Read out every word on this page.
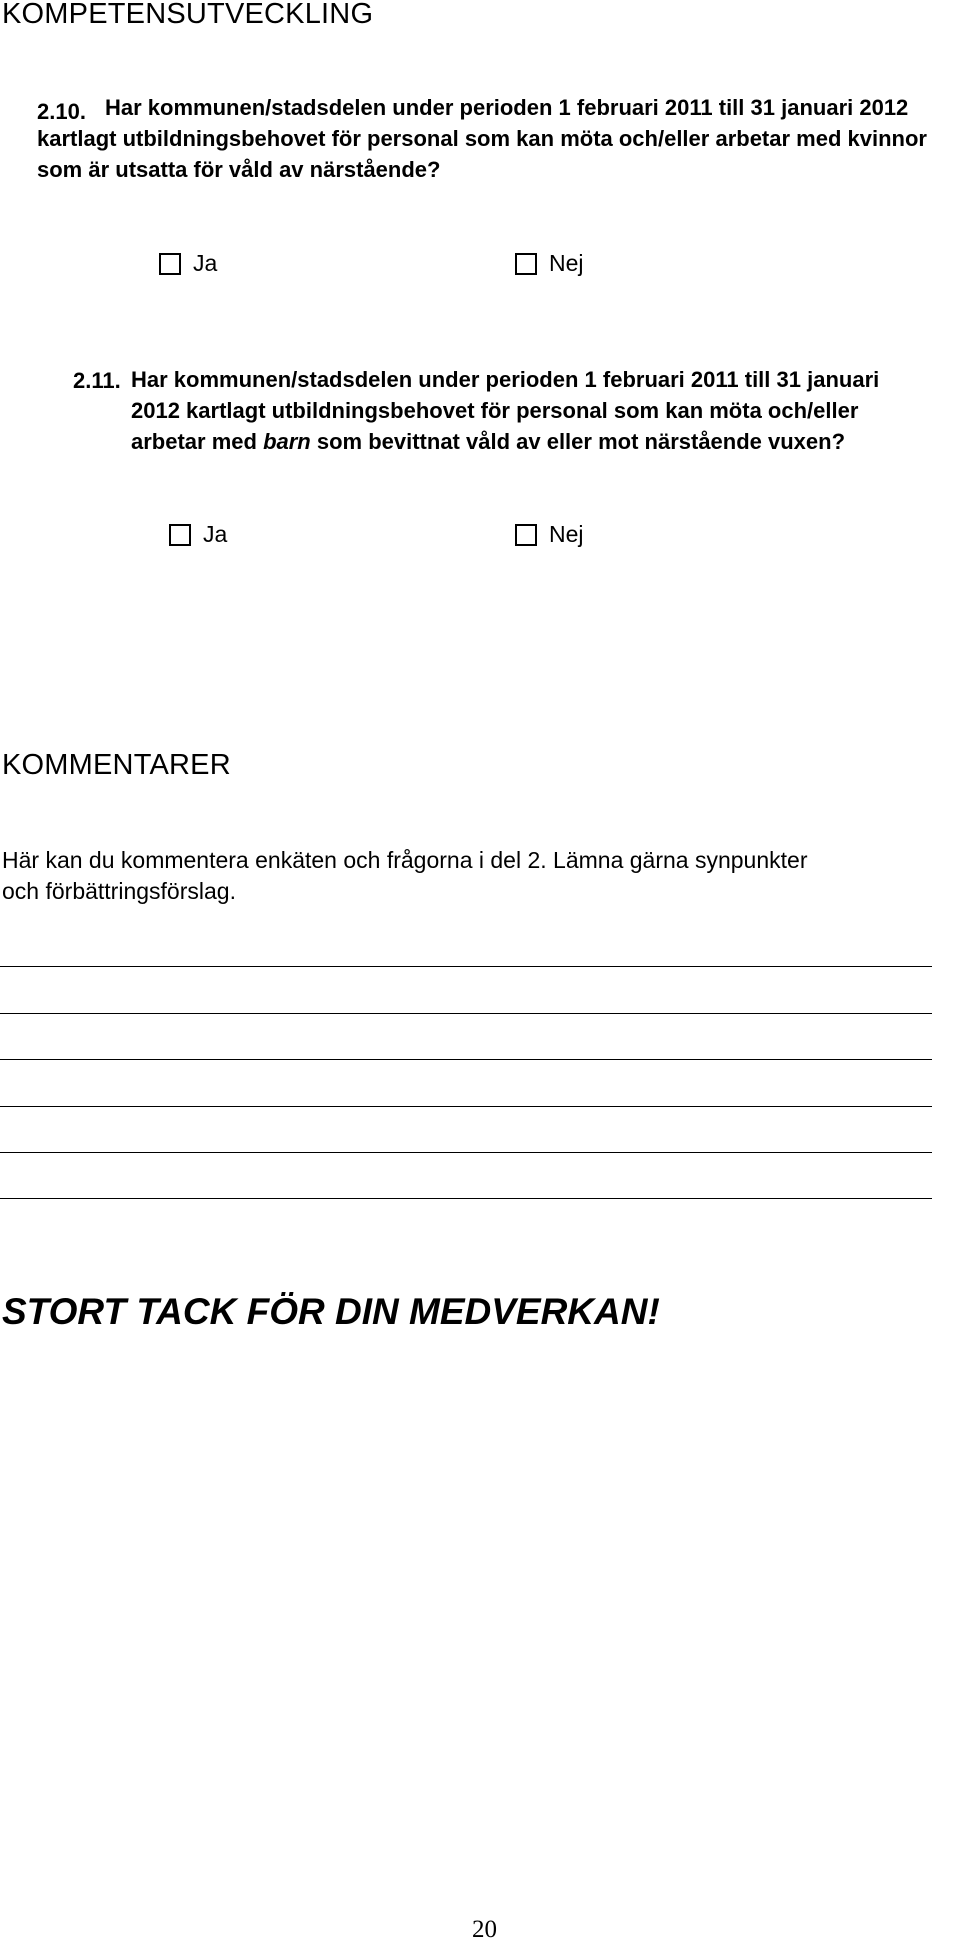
KOMPETENSUTVECKLING
2.10. Har kommunen/stadsdelen under perioden 1 februari 2011 till 31 januari 2012 kartlagt utbildningsbehovet för personal som kan möta och/eller arbetar med kvinnor som är utsatta för våld av närstående?
Ja	Nej
2.11. Har kommunen/stadsdelen under perioden 1 februari 2011 till 31 januari 2012 kartlagt utbildningsbehovet för personal som kan möta och/eller arbetar med barn som bevittnat våld av eller mot närstående vuxen?
Ja	Nej
KOMMENTARER
Här kan du kommentera enkäten och frågorna i del 2. Lämna gärna synpunkter
och förbättringsförslag.
STORT TACK FÖR DIN MEDVERKAN!
20
